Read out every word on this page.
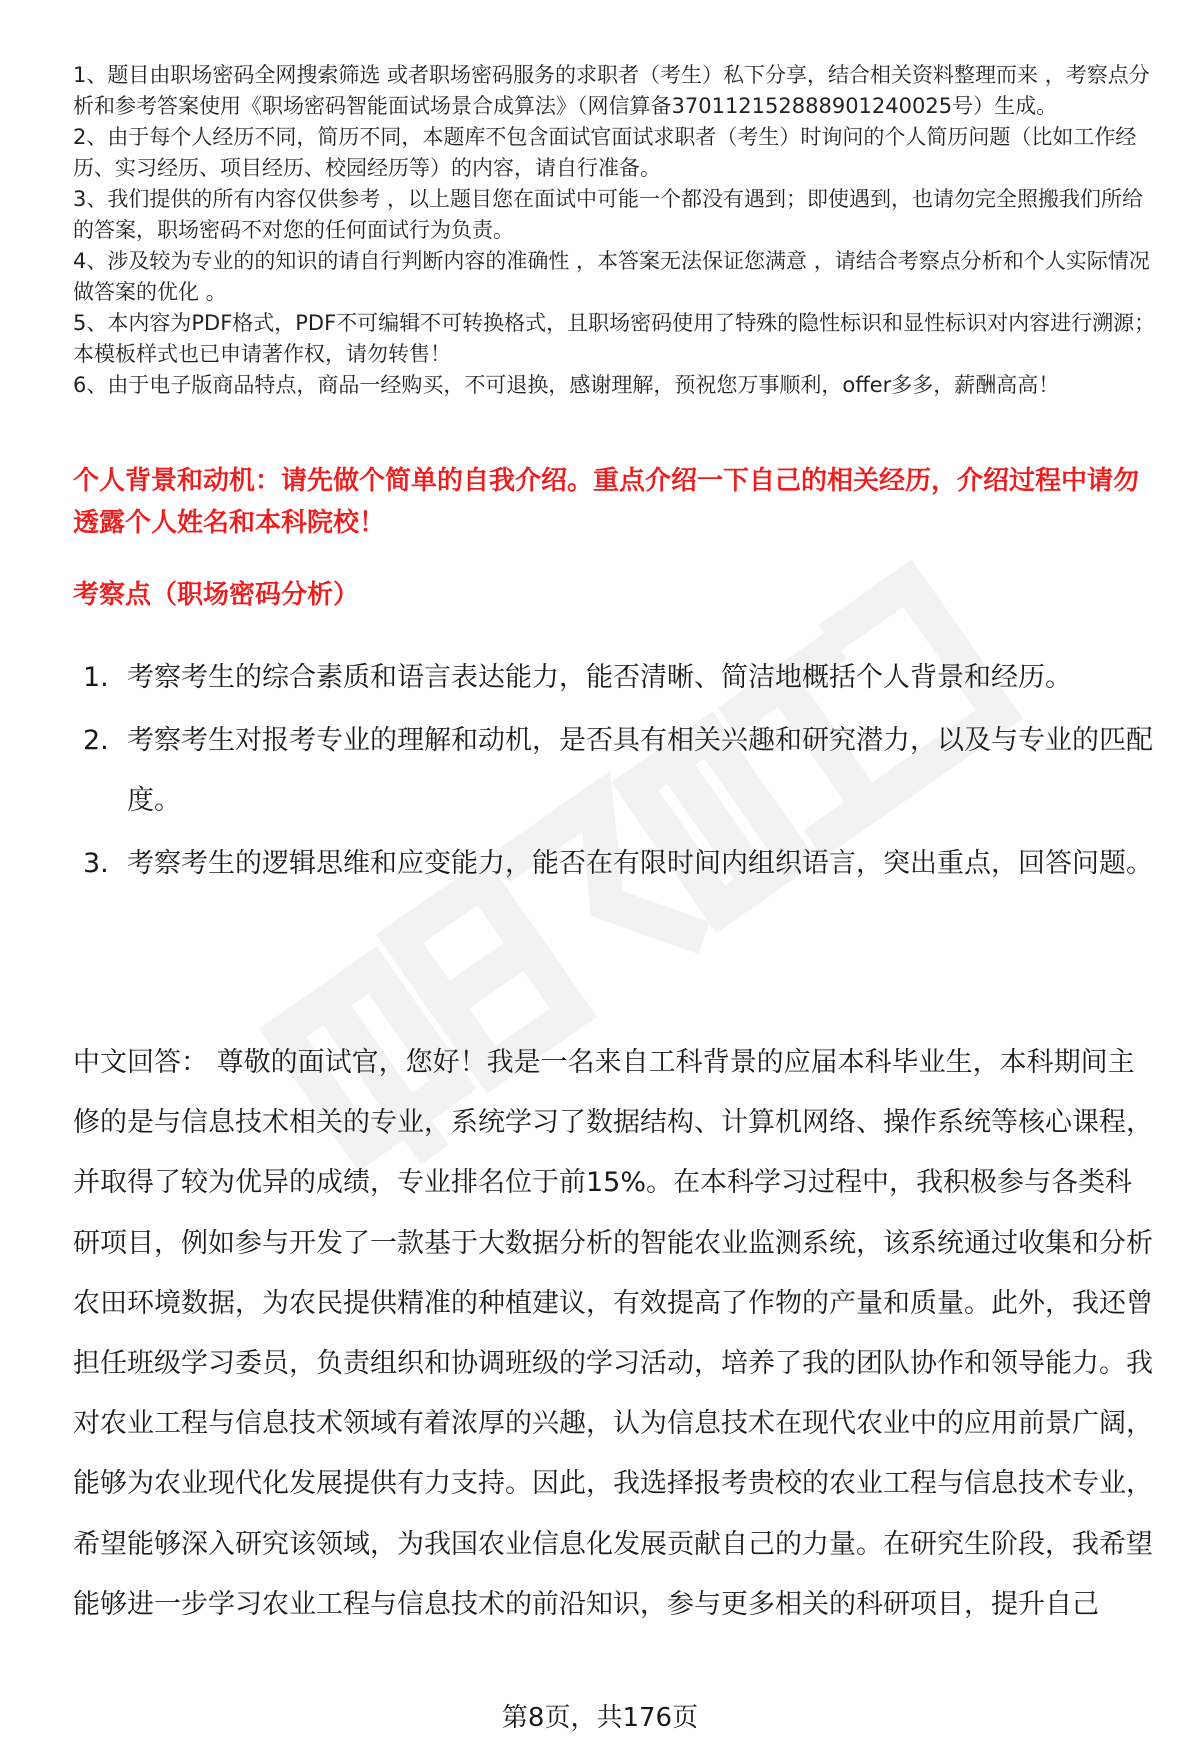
1、题目由职场密码全网搜索筛选 或者职场密码服务的求职者（考生）私下分享，结合相关资料整理而来 ，考察点分析和参考答案使用《职场密码智能面试场景合成算法》（网信算备370112152888901240025号）生成。

2、由于每个人经历不同，简历不同，本题库不包含面试官面试求职者（考生）时询问的个人简历问题（比如工作经历、实习经历、项目经历、校园经历等）的内容，请自行准备。

3、我们提供的所有内容仅供参考 ，以上题目您在面试中可能一个都没有遇到；即使遇到，也请勿完全照搬我们所给的答案，职场密码不对您的任何面试行为负责。

4、涉及较为专业的的知识的请自行判断内容的准确性 ，本答案无法保证您满意 ，请结合考察点分析和个人实际情况做答案的优化 。

5、本内容为PDF格式，PDF不可编辑不可转换格式，且职场密码使用了特殊的隐性标识和显性标识对内容进行溯源；本模板样式也已申请著作权，请勿转售！

6、由于电子版商品特点，商品一经购买，不可退换，感谢理解，预祝您万事顺利，offer多多，薪酬高高！

个人背景和动机：请先做个简单的自我介绍。重点介绍一下自己的相关经历，介绍过程中请勿透露个人姓名和本科院校！
考察点（职场密码分析）
1. 考察考生的综合素质和语言表达能力，能否清晰、简洁地概括个人背景和经历。
2. 考察考生对报考专业的理解和动机，是否具有相关兴趣和研究潜力，以及与专业的匹配度。
3. 考察考生的逻辑思维和应变能力，能否在有限时间内组织语言，突出重点，回答问题。

中文回答： 尊敬的面试官，您好！我是一名来自工科背景的应届本科毕业生，本科期间主修的是与信息技术相关的专业，系统学习了数据结构、计算机网络、操作系统等核心课程，并取得了较为优异的成绩，专业排名位于前15%。在本科学习过程中，我积极参与各类科研项目，例如参与开发了一款基于大数据分析的智能农业监测系统，该系统通过收集和分析农田环境数据，为农民提供精准的种植建议，有效提高了作物的产量和质量。此外，我还曾担任班级学习委员，负责组织和协调班级的学习活动，培养了我的团队协作和领导能力。我对农业工程与信息技术领域有着浓厚的兴趣，认为信息技术在现代农业中的应用前景广阔，能够为农业现代化发展提供有力支持。因此，我选择报考贵校的农业工程与信息技术专业，希望能够深入研究该领域，为我国农业信息化发展贡献自己的力量。在研究生阶段，我希望能够进一步学习农业工程与信息技术的前沿知识，参与更多相关的科研项目，提升自己

第8页，共176页
